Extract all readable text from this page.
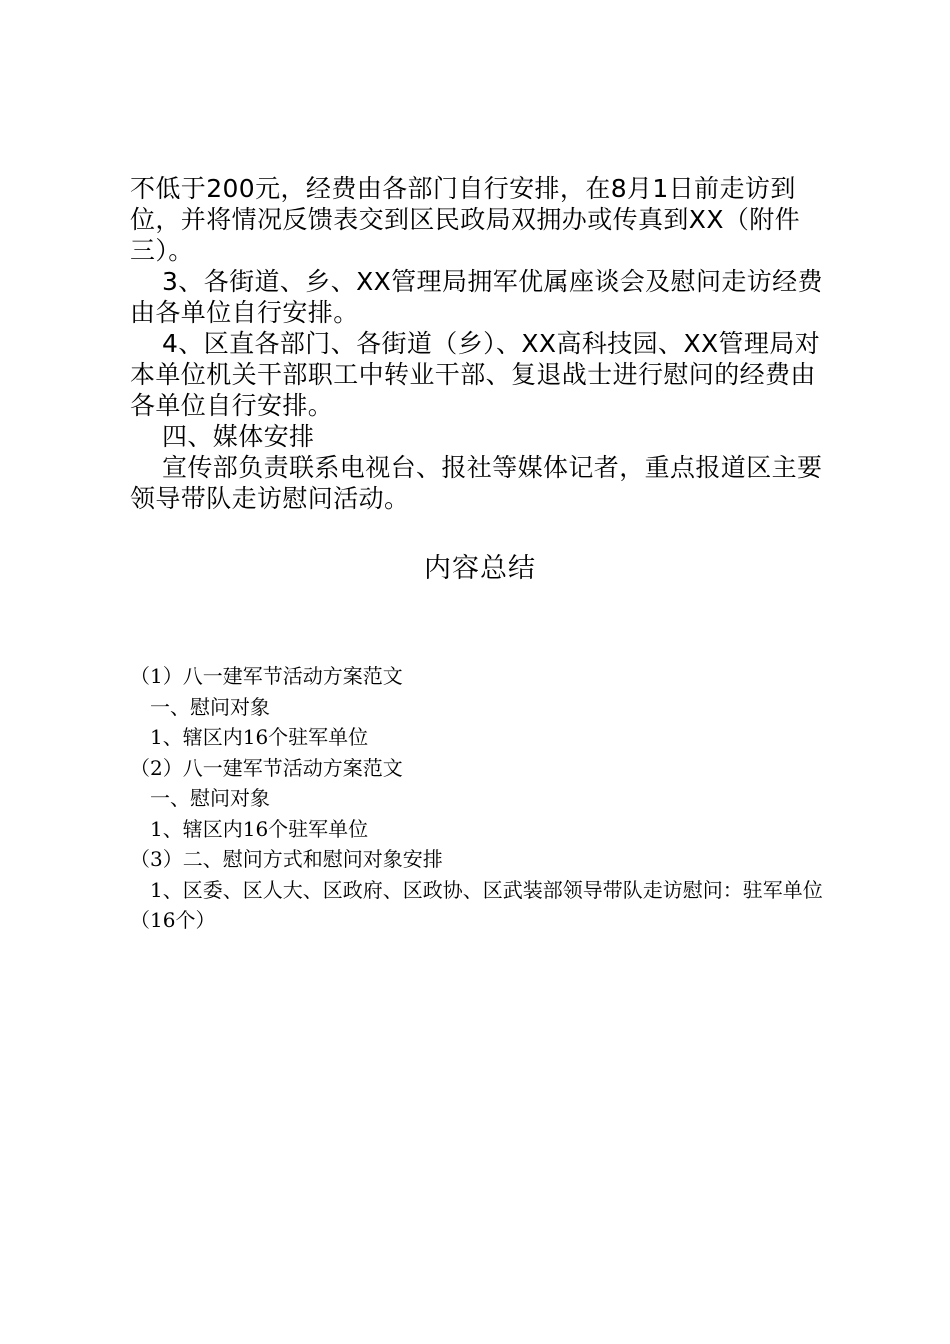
不低于200元，经费由各部门自行安排，在8月1日前走访到位，并将情况反馈表交到区民政局双拥办或传真到XX（附件三）。

3、各街道、乡、XX管理局拥军优属座谈会及慰问走访经费由各单位自行安排。

4、区直各部门、各街道（乡）、XX高科技园、XX管理局对本单位机关干部职工中转业干部、复退战士进行慰问的经费由各单位自行安排。

四、媒体安排

宣传部负责联系电视台、报社等媒体记者，重点报道区主要领导带队走访慰问活动。

内容总结

（1）八一建军节活动方案范文

一、慰问对象

1、辖区内16个驻军单位

（2）八一建军节活动方案范文

一、慰问对象

1、辖区内16个驻军单位

（3）二、慰问方式和慰问对象安排

1、区委、区人大、区政府、区政协、区武装部领导带队走访慰问：驻军单位（16个）
